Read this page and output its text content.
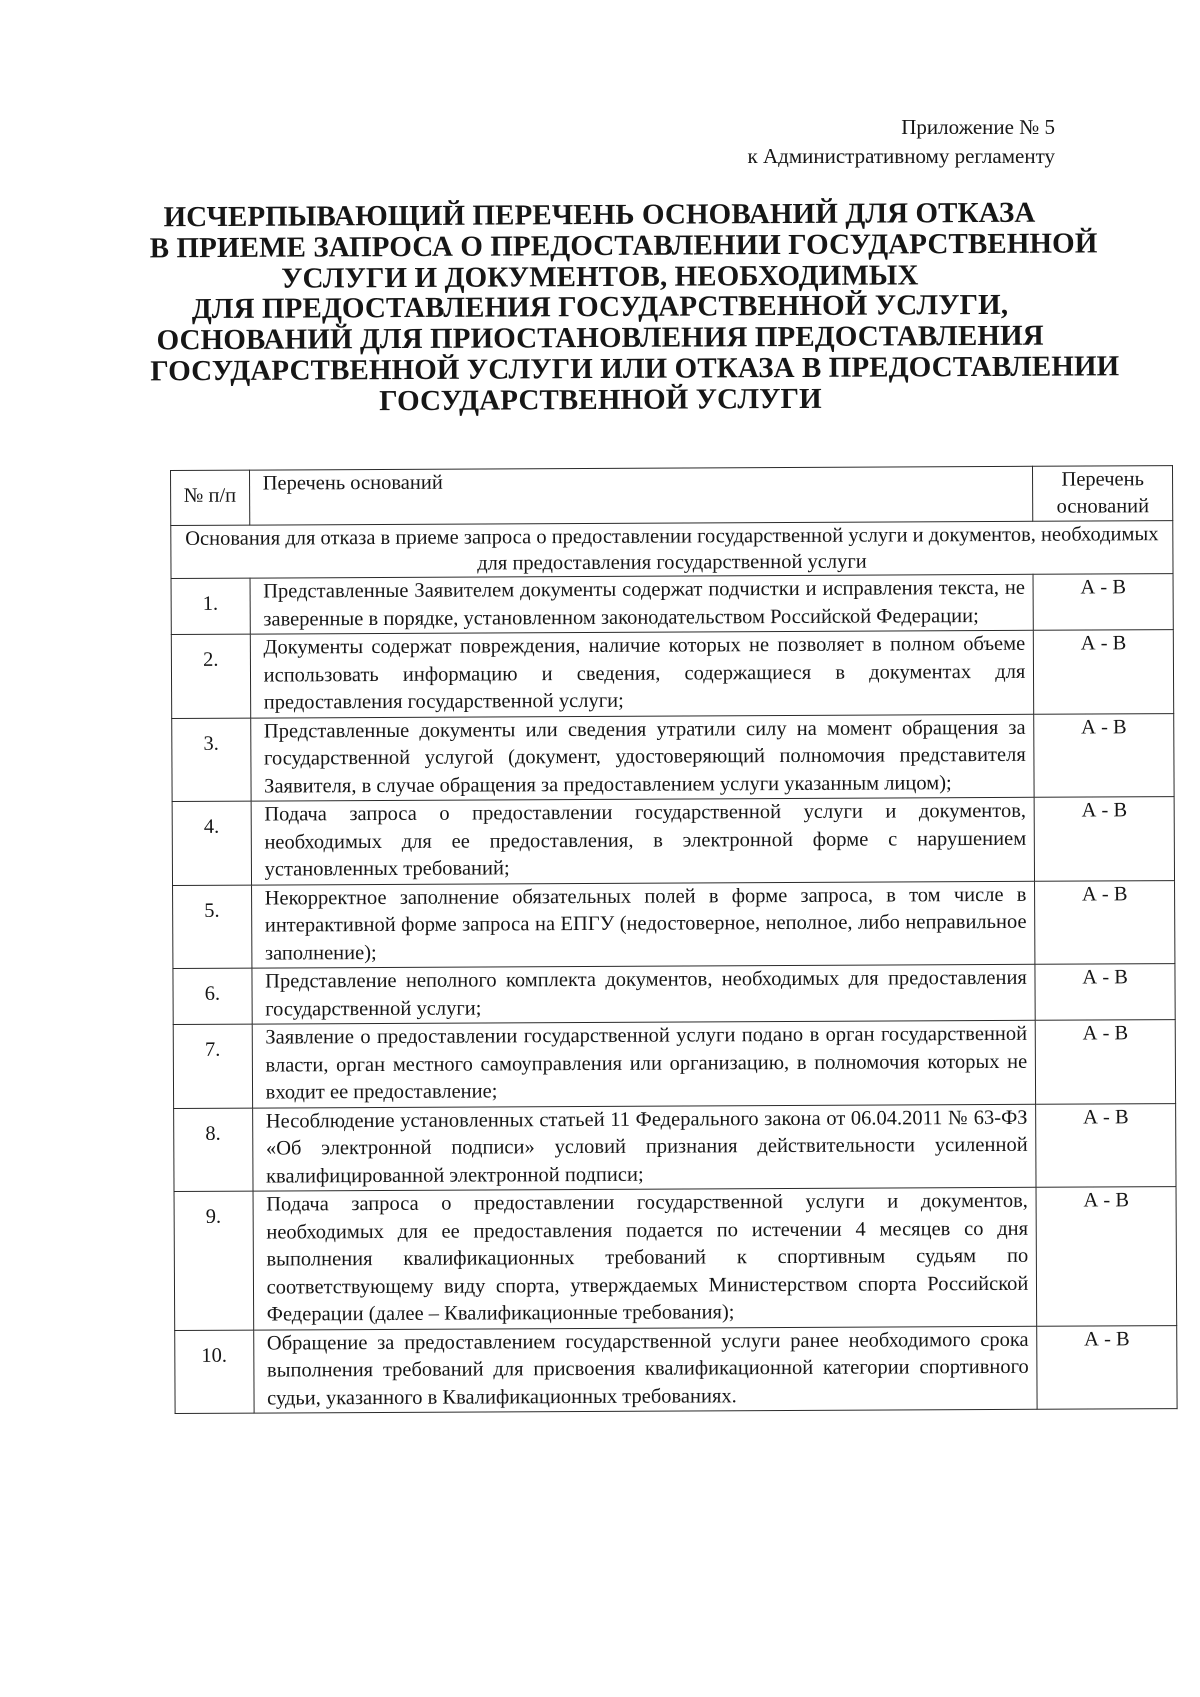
Приложение № 5
к Административному регламенту
ИСЧЕРПЫВАЮЩИЙ ПЕРЕЧЕНЬ ОСНОВАНИЙ ДЛЯ ОТКАЗА
В ПРИЕМЕ ЗАПРОСА О ПРЕДОСТАВЛЕНИИ ГОСУДАРСТВЕННОЙ
УСЛУГИ И ДОКУМЕНТОВ, НЕОБХОДИМЫХ
ДЛЯ ПРЕДОСТАВЛЕНИЯ ГОСУДАРСТВЕННОЙ УСЛУГИ,
ОСНОВАНИЙ ДЛЯ ПРИОСТАНОВЛЕНИЯ ПРЕДОСТАВЛЕНИЯ
ГОСУДАРСТВЕННОЙ УСЛУГИ ИЛИ ОТКАЗА В ПРЕДОСТАВЛЕНИИ
ГОСУДАРСТВЕННОЙ УСЛУГИ
№ п/п	Перечень оснований	Перечень оснований
Основания для отказа в приеме запроса о предоставлении государственной услуги и документов, необходимых для предоставления государственной услуги		
1.	Представленные Заявителем документы содержат подчистки и исправления текста, не заверенные в порядке, установленном законодательством Российской Федерации;	А - В
2.	Документы содержат повреждения, наличие которых не позволяет в полном объеме использовать информацию и сведения, содержащиеся в документах для предоставления государственной услуги;	А - В
3.	Представленные документы или сведения утратили силу на момент обращения за государственной услугой (документ, удостоверяющий полномочия представителя Заявителя, в случае обращения за предоставлением услуги указанным лицом);	А - В
4.	Подача запроса о предоставлении государственной услуги и документов, необходимых для ее предоставления, в электронной форме с нарушением установленных требований;	А - В
5.	Некорректное заполнение обязательных полей в форме запроса, в том числе в интерактивной форме запроса на ЕПГУ (недостоверное, неполное, либо неправильное заполнение);	А - В
6.	Представление неполного комплекта документов, необходимых для предоставления государственной услуги;	А - В
7.	Заявление о предоставлении государственной услуги подано в орган государственной власти, орган местного самоуправления или организацию, в полномочия которых не входит ее предоставление;	А - В
8.	Несоблюдение установленных статьей 11 Федерального закона от 06.04.2011 № 63-ФЗ «Об электронной подписи» условий признания действительности усиленной квалифицированной электронной подписи;	А - В
9.	Подача запроса о предоставлении государственной услуги и документов, необходимых для ее предоставления подается по истечении 4 месяцев со дня выполнения квалификационных требований к спортивным судьям по соответствующему виду спорта, утверждаемых Министерством спорта Российской Федерации (далее – Квалификационные требования);	А - В
10.	Обращение за предоставлением государственной услуги ранее необходимого срока выполнения требований для присвоения квалификационной категории спортивного судьи, указанного в Квалификационных требованиях.	А - В
